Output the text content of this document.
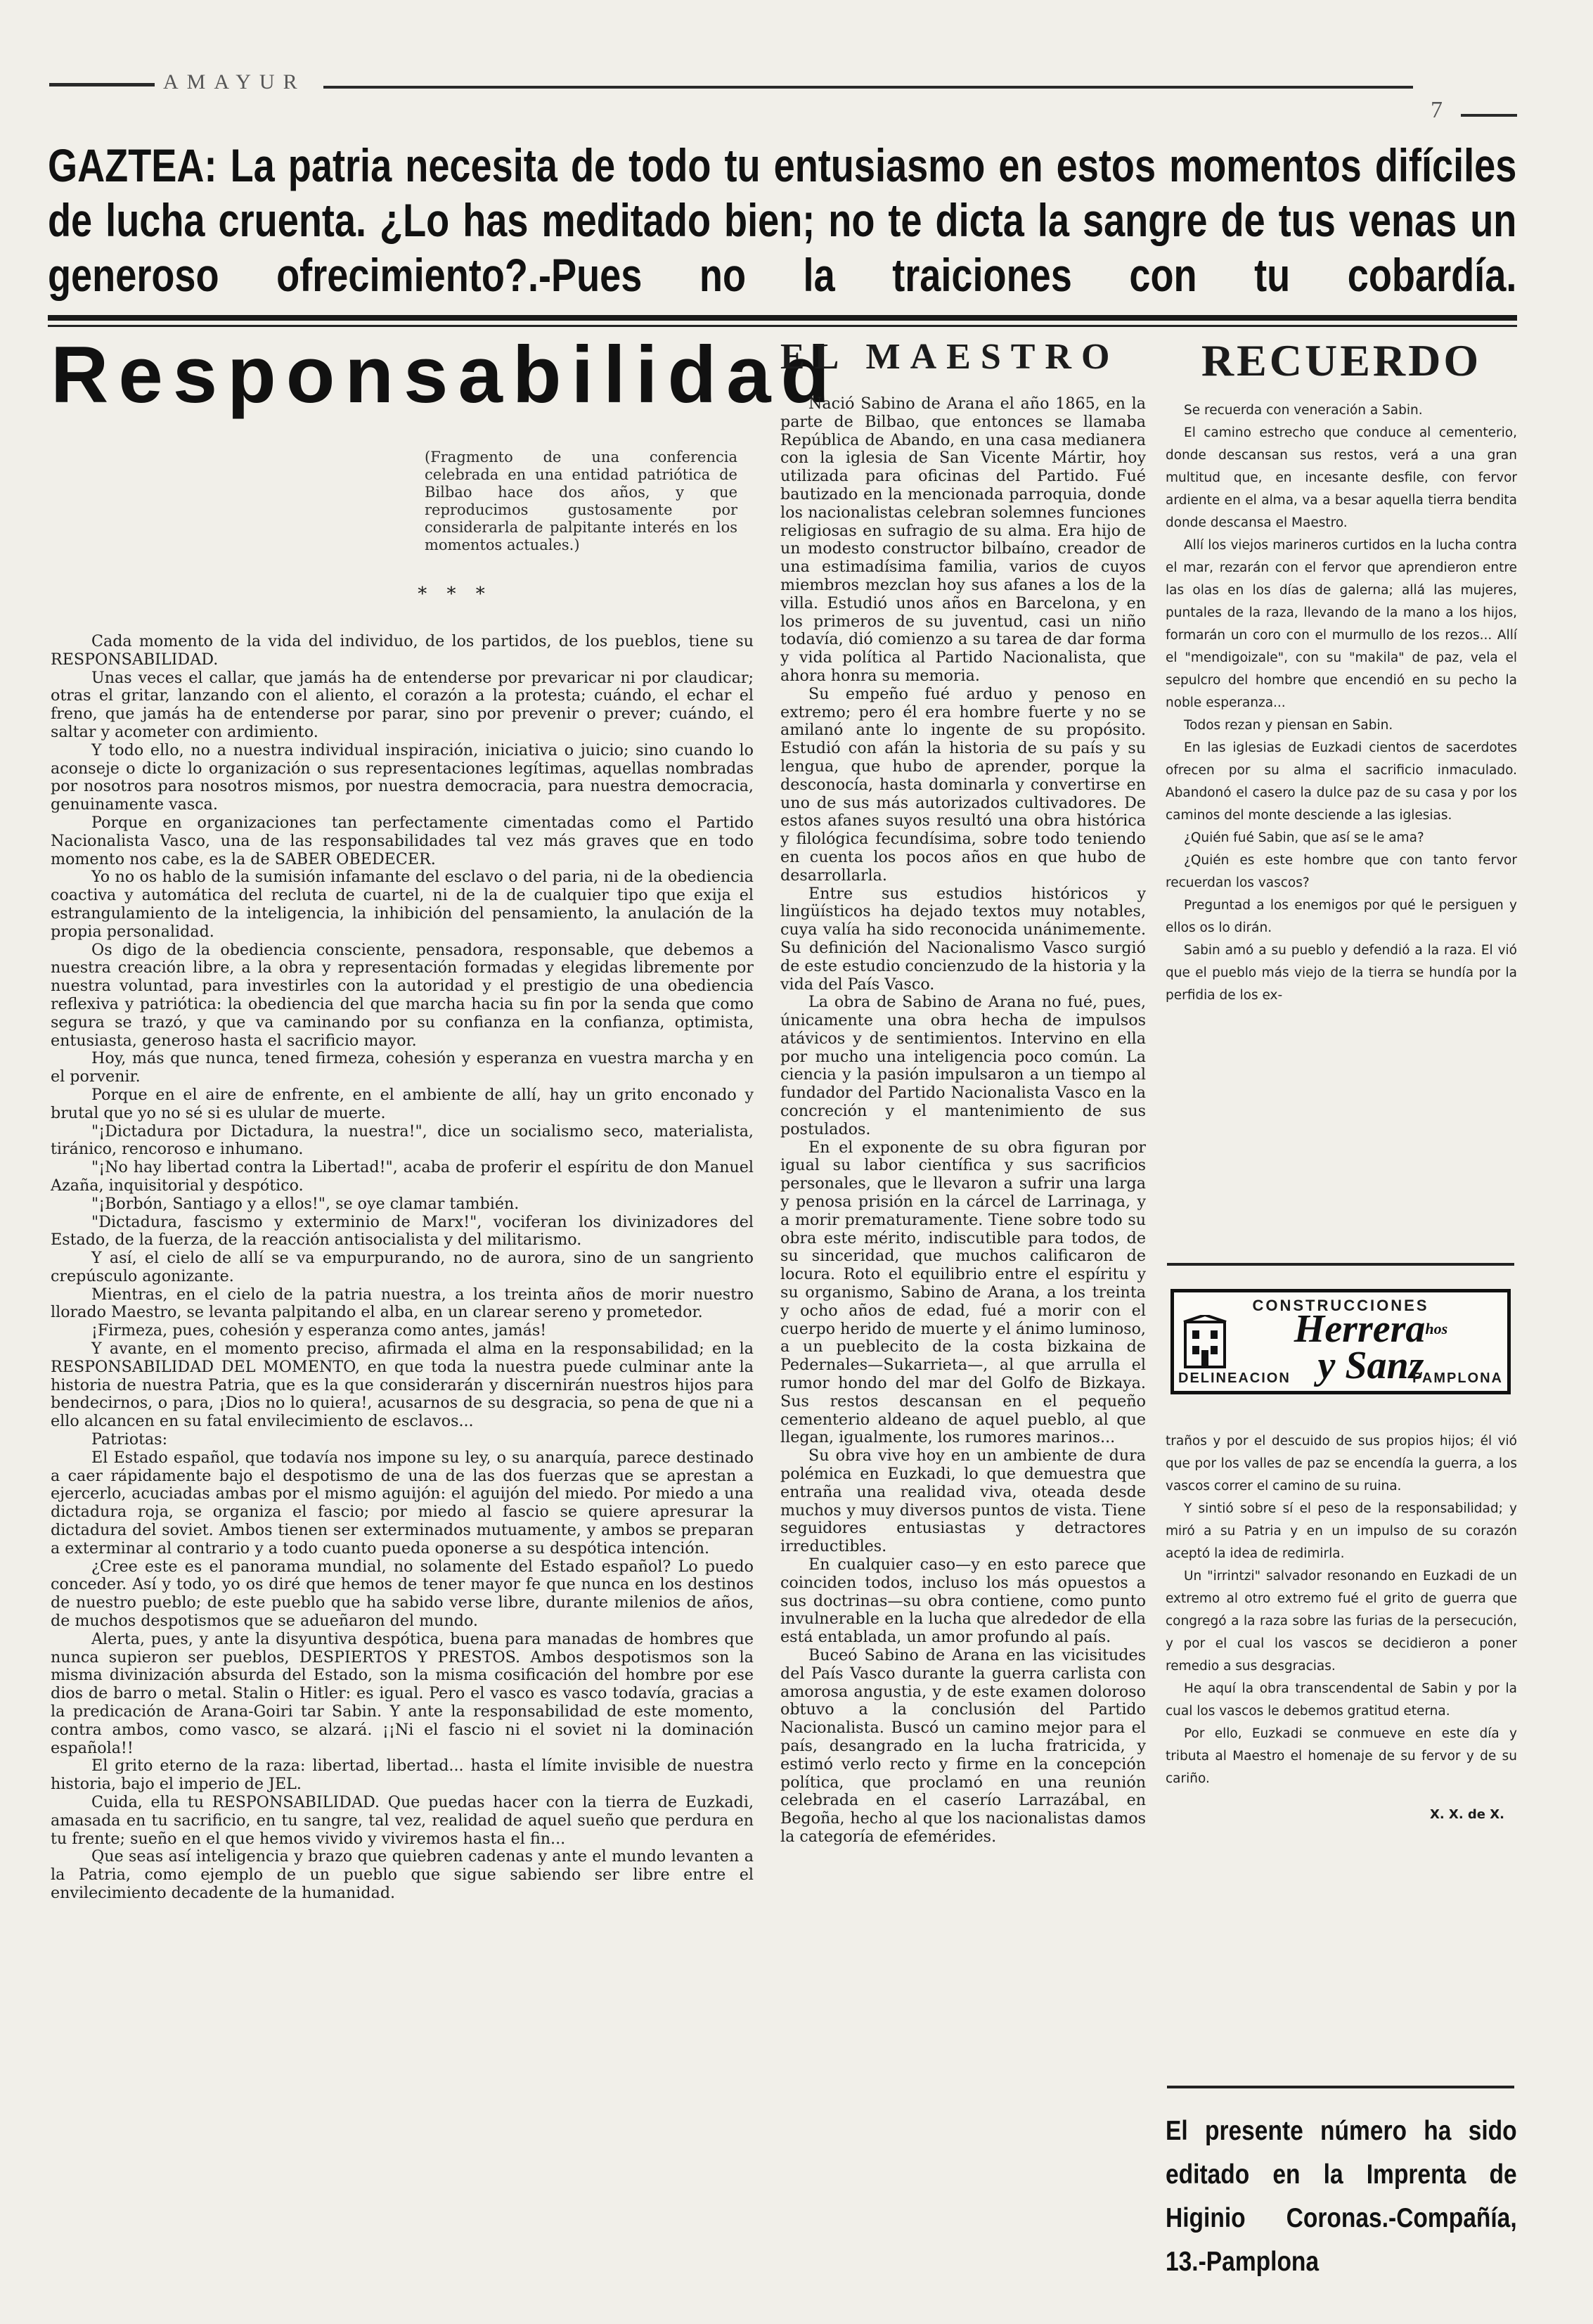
AMAYUR
7
GAZTEA: La patria necesita de todo tu entusiasmo en estos momentos difíciles de lucha cruenta. ¿Lo has meditado bien; no te dicta la sangre de tus venas un generoso ofrecimiento?.-Pues no la traiciones con tu cobardía.
Responsabilidad
(Fragmento de una conferencia celebrada en una entidad patriótica de Bilbao hace dos años, y que reproducimos gustosamente por considerarla de palpitante interés en los momentos actuales.)
* * *

Cada momento de la vida del individuo, de los partidos, de los pueblos, tiene su RESPONSABILIDAD.

Unas veces el callar, que jamás ha de entenderse por prevaricar ni por claudicar; otras el gritar, lanzando con el aliento, el corazón a la protesta; cuándo, el echar el freno, que jamás ha de entenderse por parar, sino por prevenir o prever; cuándo, el saltar y acometer con ardimiento.

Y todo ello, no a nuestra individual inspiración, iniciativa o juicio; sino cuando lo aconseje o dicte lo organización o sus representaciones legítimas, aquellas nombradas por nosotros para nosotros mismos, por nuestra democracia, para nuestra democracia, genuinamente vasca.

Porque en organizaciones tan perfectamente cimentadas como el Partido Nacionalista Vasco, una de las responsabilidades tal vez más graves que en todo momento nos cabe, es la de SABER OBEDECER.

Yo no os hablo de la sumisión infamante del esclavo o del paria, ni de la obediencia coactiva y automática del recluta de cuartel, ni de la de cualquier tipo que exija el estrangulamiento de la inteligencia, la inhibición del pensamiento, la anulación de la propia personalidad.

Os digo de la obediencia consciente, pensadora, responsable, que debemos a nuestra creación libre, a la obra y representación formadas y elegidas libremente por nuestra voluntad, para investirles con la autoridad y el prestigio de una obediencia reflexiva y patriótica: la obediencia del que marcha hacia su fin por la senda que como segura se trazó, y que va caminando por su confianza en la confianza, optimista, entusiasta, generoso hasta el sacrificio mayor.

Hoy, más que nunca, tened firmeza, cohesión y esperanza en vuestra marcha y en el porvenir.

Porque en el aire de enfrente, en el ambiente de allí, hay un grito enconado y brutal que yo no sé si es ulular de muerte.

"¡Dictadura por Dictadura, la nuestra!", dice un socialismo seco, materialista, tiránico, rencoroso e inhumano.

"¡No hay libertad contra la Libertad!", acaba de proferir el espíritu de don Manuel Azaña, inquisitorial y despótico.

"¡Borbón, Santiago y a ellos!", se oye clamar también.

"Dictadura, fascismo y exterminio de Marx!", vociferan los divinizadores del Estado, de la fuerza, de la reacción antisocialista y del militarismo.

Y así, el cielo de allí se va empurpurando, no de aurora, sino de un sangriento crepúsculo agonizante.

Mientras, en el cielo de la patria nuestra, a los treinta años de morir nuestro llorado Maestro, se levanta palpitando el alba, en un clarear sereno y prometedor.

¡Firmeza, pues, cohesión y esperanza como antes, jamás!

Y avante, en el momento preciso, afirmada el alma en la responsabilidad; en la RESPONSABILIDAD DEL MOMENTO, en que toda la nuestra puede culminar ante la historia de nuestra Patria, que es la que considerarán y discernirán nuestros hijos para bendecirnos, o para, ¡Dios no lo quiera!, acusarnos de su desgracia, so pena de que ni a ello alcancen en su fatal envilecimiento de esclavos...

Patriotas:

El Estado español, que todavía nos impone su ley, o su anarquía, parece destinado a caer rápidamente bajo el despotismo de una de las dos fuerzas que se aprestan a ejercerlo, acuciadas ambas por el mismo aguijón: el aguijón del miedo. Por miedo a una dictadura roja, se organiza el fascio; por miedo al fascio se quiere apresurar la dictadura del soviet. Ambos tienen ser exterminados mutuamente, y ambos se preparan a exterminar al contrario y a todo cuanto pueda oponerse a su despótica intención.

¿Cree este es el panorama mundial, no solamente del Estado español? Lo puedo conceder. Así y todo, yo os diré que hemos de tener mayor fe que nunca en los destinos de nuestro pueblo; de este pueblo que ha sabido verse libre, durante milenios de años, de muchos despotismos que se adueñaron del mundo.

Alerta, pues, y ante la disyuntiva despótica, buena para manadas de hombres que nunca supieron ser pueblos, DESPIERTOS Y PRESTOS. Ambos despotismos son la misma divinización absurda del Estado, son la misma cosificación del hombre por ese dios de barro o metal. Stalin o Hitler: es igual. Pero el vasco es vasco todavía, gracias a la predicación de Arana-Goiri tar Sabin. Y ante la responsabilidad de este momento, contra ambos, como vasco, se alzará. ¡¡Ni el fascio ni el soviet ni la dominación española!!

El grito eterno de la raza: libertad, libertad... hasta el límite invisible de nuestra historia, bajo el imperio de JEL.

Cuida, ella tu RESPONSABILIDAD. Que puedas hacer con la tierra de Euzkadi, amasada en tu sacrificio, en tu sangre, tal vez, realidad de aquel sueño que perdura en tu frente; sueño en el que hemos vivido y viviremos hasta el fin...

Que seas así inteligencia y brazo que quiebren cadenas y ante el mundo levanten a la Patria, como ejemplo de un pueblo que sigue sabiendo ser libre entre el envilecimiento decadente de la humanidad.

EL MAESTRO

Nació Sabino de Arana el año 1865, en la parte de Bilbao, que entonces se llamaba República de Abando, en una casa medianera con la iglesia de San Vicente Mártir, hoy utilizada para oficinas del Partido. Fué bautizado en la mencionada parroquia, donde los nacionalistas celebran solemnes funciones religiosas en sufragio de su alma. Era hijo de un modesto constructor bilbaíno, creador de una estimadísima familia, varios de cuyos miembros mezclan hoy sus afanes a los de la villa. Estudió unos años en Barcelona, y en los primeros de su juventud, casi un niño todavía, dió comienzo a su tarea de dar forma y vida política al Partido Nacionalista, que ahora honra su memoria.

Su empeño fué arduo y penoso en extremo; pero él era hombre fuerte y no se amilanó ante lo ingente de su propósito. Estudió con afán la historia de su país y su lengua, que hubo de aprender, porque la desconocía, hasta dominarla y convertirse en uno de sus más autorizados cultivadores. De estos afanes suyos resultó una obra histórica y filológica fecundísima, sobre todo teniendo en cuenta los pocos años en que hubo de desarrollarla.

Entre sus estudios históricos y lingüísticos ha dejado textos muy notables, cuya valía ha sido reconocida unánimemente. Su definición del Nacionalismo Vasco surgió de este estudio concienzudo de la historia y la vida del País Vasco.

La obra de Sabino de Arana no fué, pues, únicamente una obra hecha de impulsos atávicos y de sentimientos. Intervino en ella por mucho una inteligencia poco común. La ciencia y la pasión impulsaron a un tiempo al fundador del Partido Nacionalista Vasco en la concreción y el mantenimiento de sus postulados.

En el exponente de su obra figuran por igual su labor científica y sus sacrificios personales, que le llevaron a sufrir una larga y penosa prisión en la cárcel de Larrinaga, y a morir prematuramente. Tiene sobre todo su obra este mérito, indiscutible para todos, de su sinceridad, que muchos calificaron de locura. Roto el equilibrio entre el espíritu y su organismo, Sabino de Arana, a los treinta y ocho años de edad, fué a morir con el cuerpo herido de muerte y el ánimo luminoso, a un pueblecito de la costa bizkaina de Pedernales—Sukarrieta—, al que arrulla el rumor hondo del mar del Golfo de Bizkaya. Sus restos descansan en el pequeño cementerio aldeano de aquel pueblo, al que llegan, igualmente, los rumores marinos...

Su obra vive hoy en un ambiente de dura polémica en Euzkadi, lo que demuestra que entraña una realidad viva, oteada desde muchos y muy diversos puntos de vista. Tiene seguidores entusiastas y detractores irreductibles.

En cualquier caso—y en esto parece que coinciden todos, incluso los más opuestos a sus doctrinas—su obra contiene, como punto invulnerable en la lucha que alrededor de ella está entablada, un amor profundo al país.

Buceó Sabino de Arana en las vicisitudes del País Vasco durante la guerra carlista con amorosa angustia, y de este examen doloroso obtuvo a la conclusión del Partido Nacionalista. Buscó un camino mejor para el país, desangrado en la lucha fratricida, y estimó verlo recto y firme en la concepción política, que proclamó en una reunión celebrada en el caserío Larrazábal, en Begoña, hecho al que los nacionalistas damos la categoría de efemérides.

RECUERDO

Se recuerda con veneración a Sabin.

El camino estrecho que conduce al cementerio, donde descansan sus restos, verá a una gran multitud que, en incesante desfile, con fervor ardiente en el alma, va a besar aquella tierra bendita donde descansa el Maestro.

Allí los viejos marineros curtidos en la lucha contra el mar, rezarán con el fervor que aprendieron entre las olas en los días de galerna; allá las mujeres, puntales de la raza, llevando de la mano a los hijos, formarán un coro con el murmullo de los rezos... Allí el "mendigoizale", con su "makila" de paz, vela el sepulcro del hombre que encendió en su pecho la noble esperanza...

Todos rezan y piensan en Sabin.

En las iglesias de Euzkadi cientos de sacerdotes ofrecen por su alma el sacrificio inmaculado. Abandonó el casero la dulce paz de su casa y por los caminos del monte desciende a las iglesias.

¿Quién fué Sabin, que así se le ama?

¿Quién es este hombre que con tanto fervor recuerdan los vascos?

Preguntad a los enemigos por qué le persiguen y ellos os lo dirán.

Sabin amó a su pueblo y defendió a la raza. El vió que el pueblo más viejo de la tierra se hundía por la perfidia de los ex-

CONSTRUCCIONES
Herrera$^{hos}$
y Sanz
DELINEACION	PAMPLONA

traños y por el descuido de sus propios hijos; él vió que por los valles de paz se encendía la guerra, a los vascos correr el camino de su ruina.

Y sintió sobre sí el peso de la responsabilidad; y miró a su Patria y en un impulso de su corazón aceptó la idea de redimirla.

Un "irrintzi" salvador resonando en Euzkadi de un extremo al otro extremo fué el grito de guerra que congregó a la raza sobre las furias de la persecución, y por el cual los vascos se decidieron a poner remedio a sus desgracias.

He aquí la obra transcendental de Sabin y por la cual los vascos le debemos gratitud eterna.

Por ello, Euzkadi se conmueve en este día y tributa al Maestro el homenaje de su fervor y de su cariño.

X. X. de X.

El presente número ha sido editado en la Imprenta de Higinio Coronas.-Compañía, 13.-Pamplona
